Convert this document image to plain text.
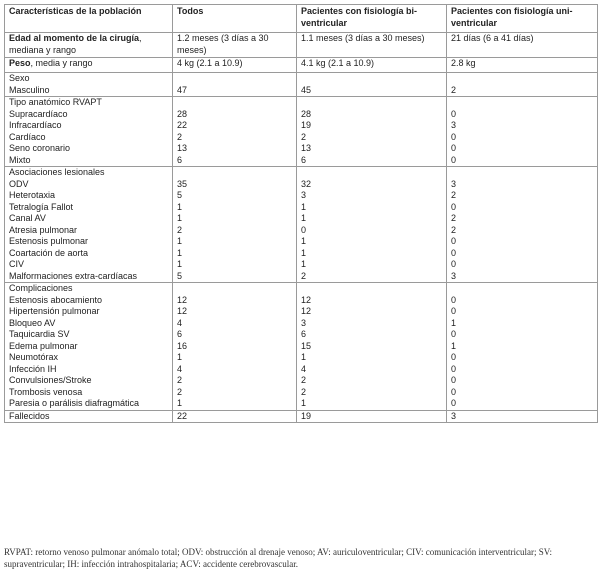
Características de la población	Todos	Pacientes con fisiología bi-ventricular	Pacientes con fisiología uni-ventricular
Edad al momento de la cirugía, mediana y rango	1.2 meses (3 días a 30 meses)	1.1 meses (3 días a 30 meses)	21 días (6 a 41 días)
Peso, media y rango	4 kg (2.1 a 10.9)	4.1 kg (2.1 a 10.9)	2.8 kg
Sexo			
Masculino	47	45	2
Tipo anatómico RVAPT			
Supracardíaco	28	28	0
Infracardíaco	22	19	3
Cardíaco	2	2	0
Seno coronario	13	13	0
Mixto	6	6	0
Asociaciones lesionales			
ODV	35	32	3
Heterotaxia	5	3	2
Tetralogía Fallot	1	1	0
Canal AV	1	1	2
Atresia pulmonar	2	0	2
Estenosis pulmonar	1	1	0
Coartación de aorta	1	1	0
CIV	1	1	0
Malformaciones extra-cardíacas	5	2	3
Complicaciones			
Estenosis abocamiento	12	12	0
Hipertensión pulmonar	12	12	0
Bloqueo AV	4	3	1
Taquicardia SV	6	6	0
Edema pulmonar	16	15	1
Neumotórax	1	1	0
Infección IH	4	4	0
Convulsiones/Stroke	2	2	0
Trombosis venosa	2	2	0
Paresia o parálisis diafragmática	1	1	0
Fallecidos	22	19	3
RVPAT: retorno venoso pulmonar anómalo total; ODV: obstrucción al drenaje venoso; AV: auriculoventricular; CIV: comunicación interventricular; SV: supraventricular; IH: infección intrahospitalaria; ACV: accidente cerebrovascular.
